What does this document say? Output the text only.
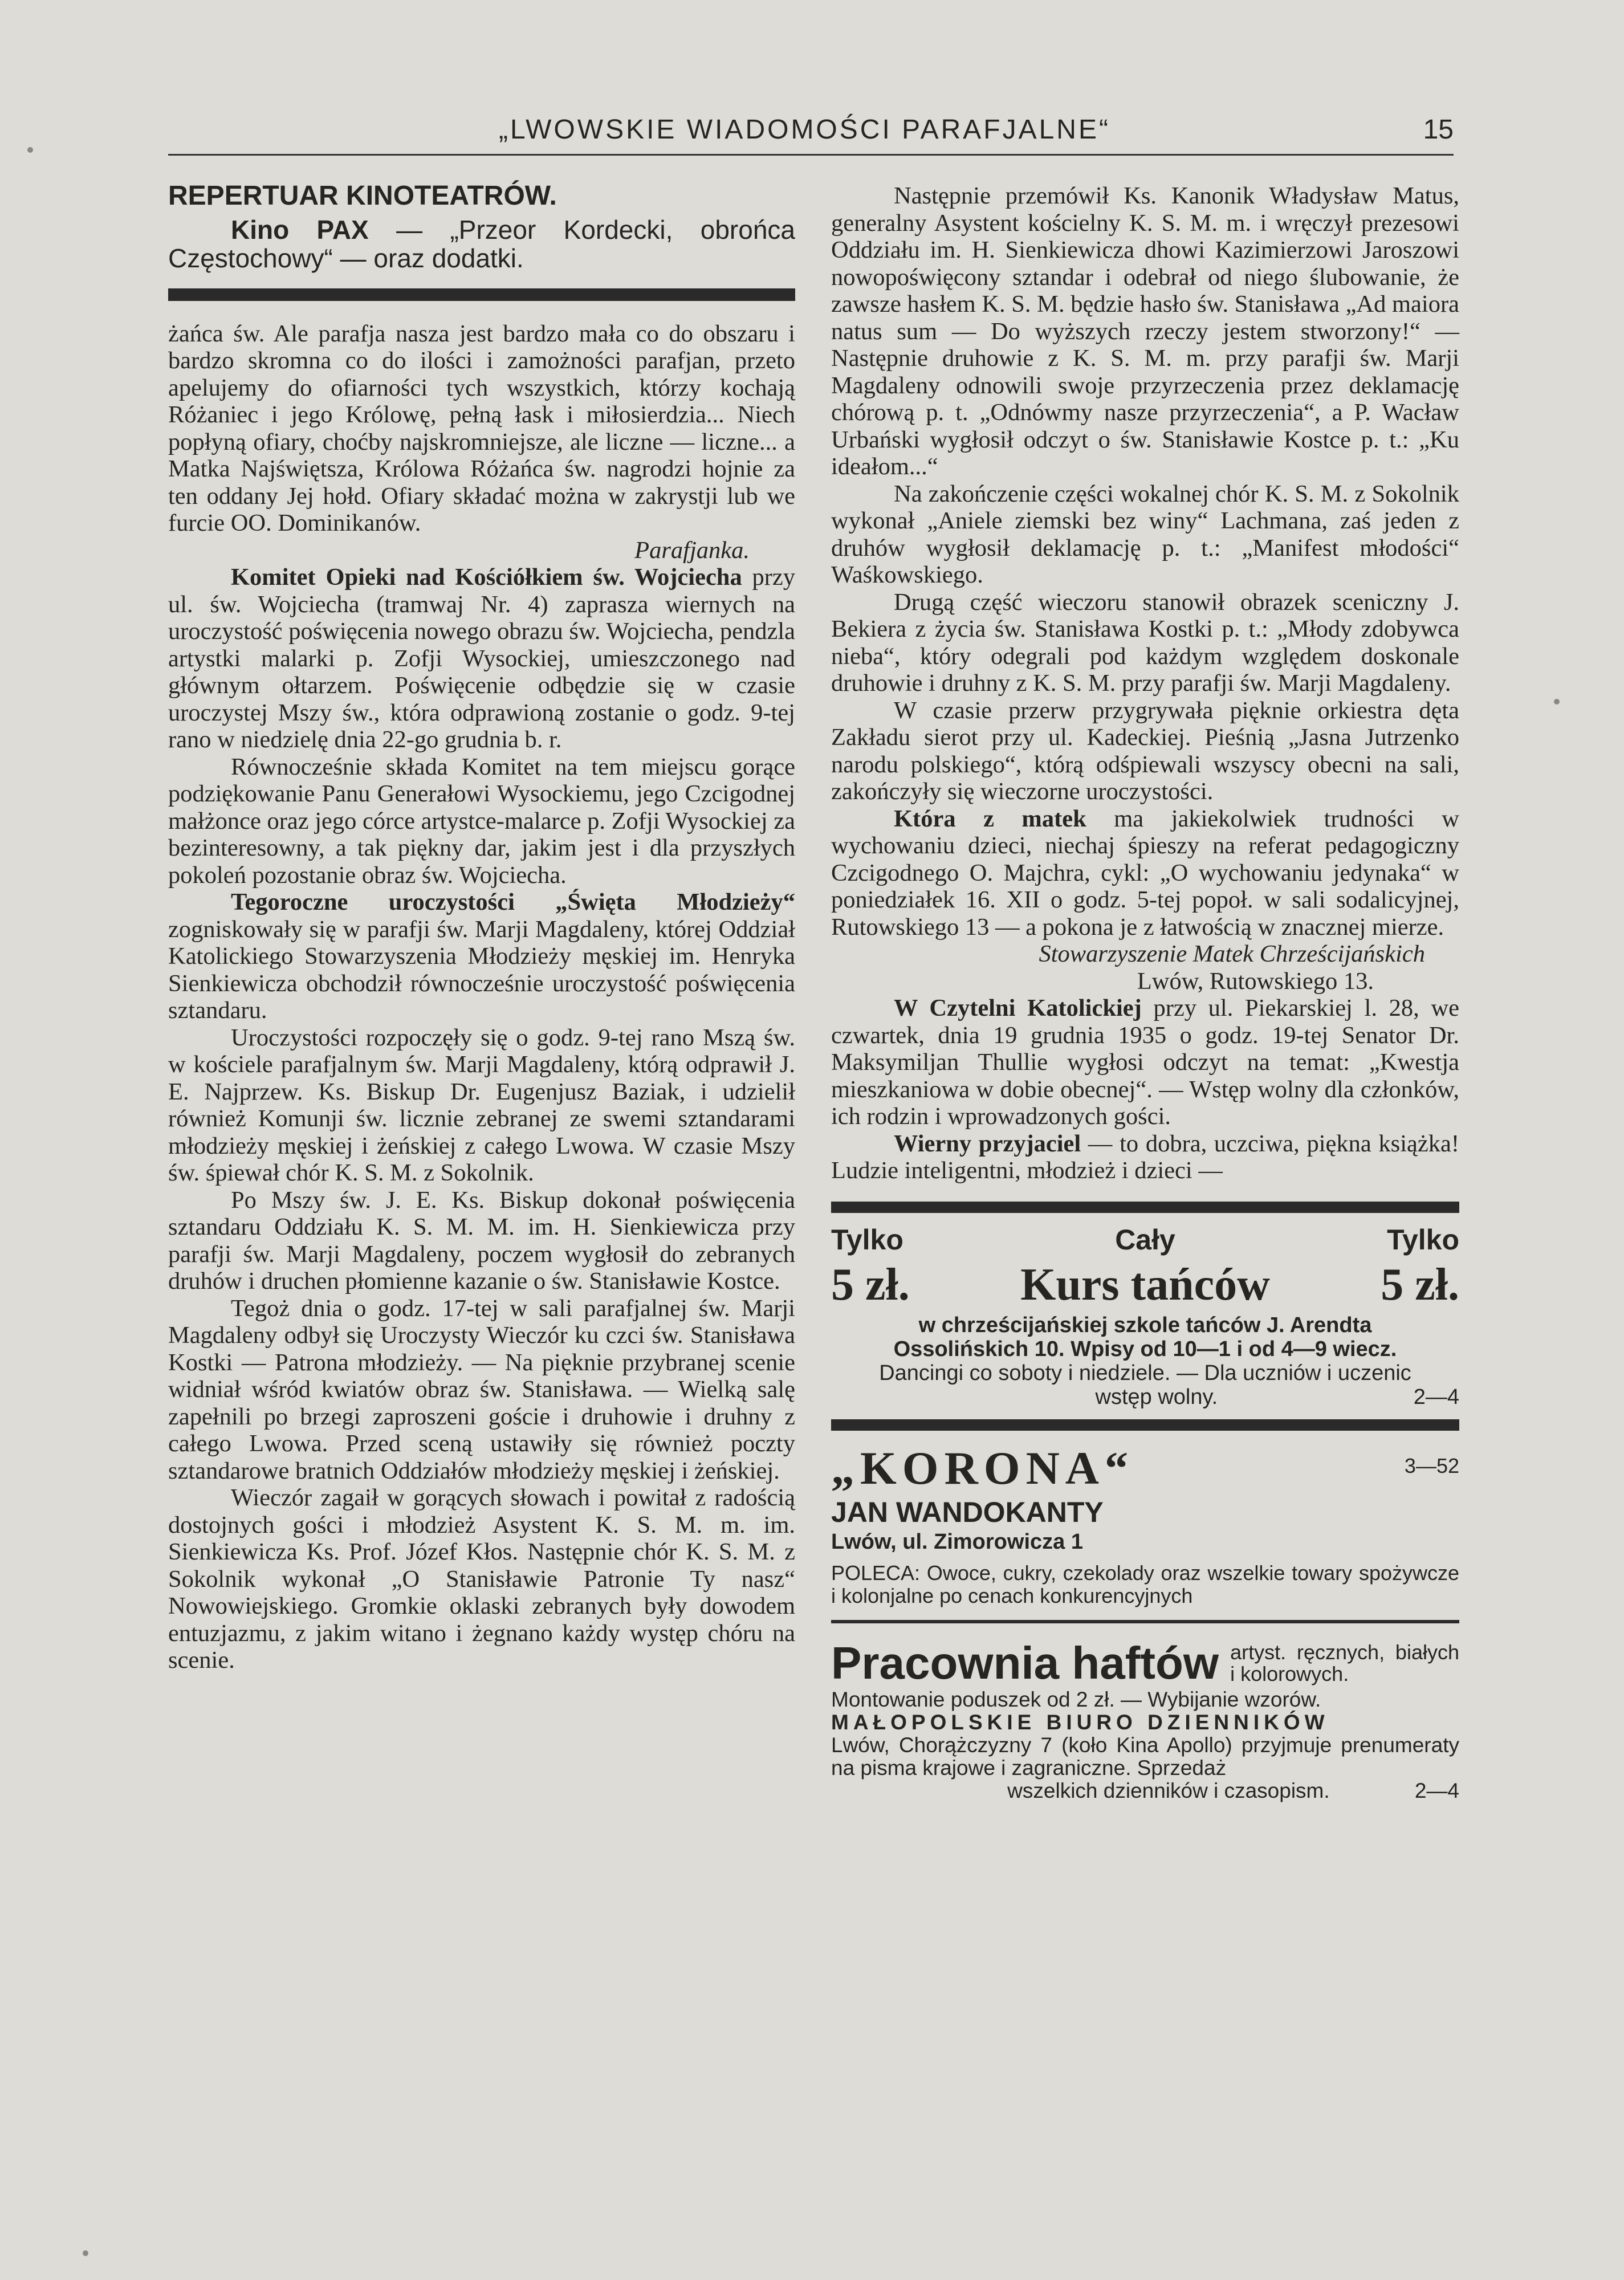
„LWOWSKIE WIADOMOŚCI PARAFJALNE“	15

REPERTUAR KINOTEATRÓW.

Kino PAX — „Przeor Kordecki, obrońca Częstochowy“ — oraz dodatki.

żańca św. Ale parafja nasza jest bardzo mała co do obszaru i bardzo skromna co do ilości i zamożności parafjan, przeto apelujemy do ofiarności tych wszystkich, którzy kochają Różaniec i jego Królowę, pełną łask i miłosierdzia... Niech popłyną ofiary, choćby najskromniejsze, ale liczne — liczne... a Matka Najświętsza, Królowa Różańca św. nagrodzi hojnie za ten oddany Jej hołd. Ofiary składać można w zakrystji lub we furcie OO. Dominikanów.

Parafjanka.

Komitet Opieki nad Kościółkiem św. Wojciecha przy ul. św. Wojciecha (tramwaj Nr. 4) zaprasza wiernych na uroczystość poświęcenia nowego obrazu św. Wojciecha, pendzla artystki malarki p. Zofji Wysockiej, umieszczonego nad głównym ołtarzem. Poświęcenie odbędzie się w czasie uroczystej Mszy św., która odprawioną zostanie o godz. 9-tej rano w niedzielę dnia 22-go grudnia b. r.

Równocześnie składa Komitet na tem miejscu gorące podziękowanie Panu Generałowi Wysockiemu, jego Czcigodnej małżonce oraz jego córce artystce-malarce p. Zofji Wysockiej za bezinteresowny, a tak piękny dar, jakim jest i dla przyszłych pokoleń pozostanie obraz św. Wojciecha.

Tegoroczne uroczystości „Święta Młodzieży“ zogniskowały się w parafji św. Marji Magdaleny, której Oddział Katolickiego Stowarzyszenia Młodzieży męskiej im. Henryka Sienkiewicza obchodził równocześnie uroczystość poświęcenia sztandaru.

Uroczystości rozpoczęły się o godz. 9-tej rano Mszą św. w kościele parafjalnym św. Marji Magdaleny, którą odprawił J. E. Najprzew. Ks. Biskup Dr. Eugenjusz Baziak, i udzielił również Komunji św. licznie zebranej ze swemi sztandarami młodzieży męskiej i żeńskiej z całego Lwowa. W czasie Mszy św. śpiewał chór K. S. M. z Sokolnik.

Po Mszy św. J. E. Ks. Biskup dokonał poświęcenia sztandaru Oddziału K. S. M. M. im. H. Sienkiewicza przy parafji św. Marji Magdaleny, poczem wygłosił do zebranych druhów i druchen płomienne kazanie o św. Stanisławie Kostce.

Tegoż dnia o godz. 17-tej w sali parafjalnej św. Marji Magdaleny odbył się Uroczysty Wieczór ku czci św. Stanisława Kostki — Patrona młodzieży. — Na pięknie przybranej scenie widniał wśród kwiatów obraz św. Stanisława. — Wielką salę zapełnili po brzegi zaproszeni goście i druhowie i druhny z całego Lwowa. Przed sceną ustawiły się również poczty sztandarowe bratnich Oddziałów młodzieży męskiej i żeńskiej.

Wieczór zagaił w gorących słowach i powitał z radością dostojnych gości i młodzież Asystent K. S. M. m. im. Sienkiewicza Ks. Prof. Józef Kłos. Następnie chór K. S. M. z Sokolnik wykonał „O Stanisławie Patronie Ty nasz“ Nowowiejskiego. Gromkie oklaski zebranych były dowodem entuzjazmu, z jakim witano i żegnano każdy występ chóru na scenie.

Następnie przemówił Ks. Kanonik Władysław Matus, generalny Asystent kościelny K. S. M. m. i wręczył prezesowi Oddziału im. H. Sienkiewicza dhowi Kazimierzowi Jaroszowi nowopoświęcony sztandar i odebrał od niego ślubowanie, że zawsze hasłem K. S. M. będzie hasło św. Stanisława „Ad maiora natus sum — Do wyższych rzeczy jestem stworzony!“ — Następnie druhowie z K. S. M. m. przy parafji św. Marji Magdaleny odnowili swoje przyrzeczenia przez deklamację chórową p. t. „Odnówmy nasze przyrzeczenia“, a P. Wacław Urbański wygłosił odczyt o św. Stanisławie Kostce p. t.: „Ku ideałom...“

Na zakończenie części wokalnej chór K. S. M. z Sokolnik wykonał „Aniele ziemski bez winy“ Lachmana, zaś jeden z druhów wygłosił deklamację p. t.: „Manifest młodości“ Waśkowskiego.

Drugą część wieczoru stanowił obrazek sceniczny J. Bekiera z życia św. Stanisława Kostki p. t.: „Młody zdobywca nieba“, który odegrali pod każdym względem doskonale druhowie i druhny z K. S. M. przy parafji św. Marji Magdaleny.

W czasie przerw przygrywała pięknie orkiestra dęta Zakładu sierot przy ul. Kadeckiej. Pieśnią „Jasna Jutrzenko narodu polskiego“, którą odśpiewali wszyscy obecni na sali, zakończyły się wieczorne uroczystości.

Która z matek ma jakiekolwiek trudności w wychowaniu dzieci, niechaj śpieszy na referat pedagogiczny Czcigodnego O. Majchra, cykl: „O wychowaniu jedynaka“ w poniedziałek 16. XII o godz. 5-tej popoł. w sali sodalicyjnej, Rutowskiego 13 — a pokona je z łatwością w znacznej mierze.

Stowarzyszenie Matek Chrześcijańskich

Lwów, Rutowskiego 13.

W Czytelni Katolickiej przy ul. Piekarskiej l. 28, we czwartek, dnia 19 grudnia 1935 o godz. 19-tej Senator Dr. Maksymiljan Thullie wygłosi odczyt na temat: „Kwestja mieszkaniowa w dobie obecnej“. — Wstęp wolny dla członków, ich rodzin i wprowadzonych gości.

Wierny przyjaciel — to dobra, uczciwa, piękna książka! Ludzie inteligentni, młodzież i dzieci —

Tylko	Cały	Tylko
5 zł. Kurs tańców 5 zł.
w chrześcijańskiej szkole tańców J. Arendta
Ossolińskich 10. Wpisy od 10—1 i od 4—9 wiecz.
Dancingi co soboty i niedziele. — Dla uczniów i uczenic
wstęp wolny.	2—4
„KORONA“	3—52
JAN WANDOKANTY
Lwów, ul. Zimorowicza 1

POLECA: Owoce, cukry, czekolady oraz wszelkie towary spożywcze i kolonjalne po cenach konkurencyjnych

Pracownia haftów artyst. ręcznych, białych i kolorowych.

Montowanie poduszek od 2 zł. — Wybijanie wzorów.

MAŁOPOLSKIE BIURO DZIENNIKÓW

Lwów, Chorążczyzny 7 (koło Kina Apollo) przyjmuje prenumeraty na pisma krajowe i zagraniczne. Sprzedaż

wszelkich dzienników i czasopism.	2—4
